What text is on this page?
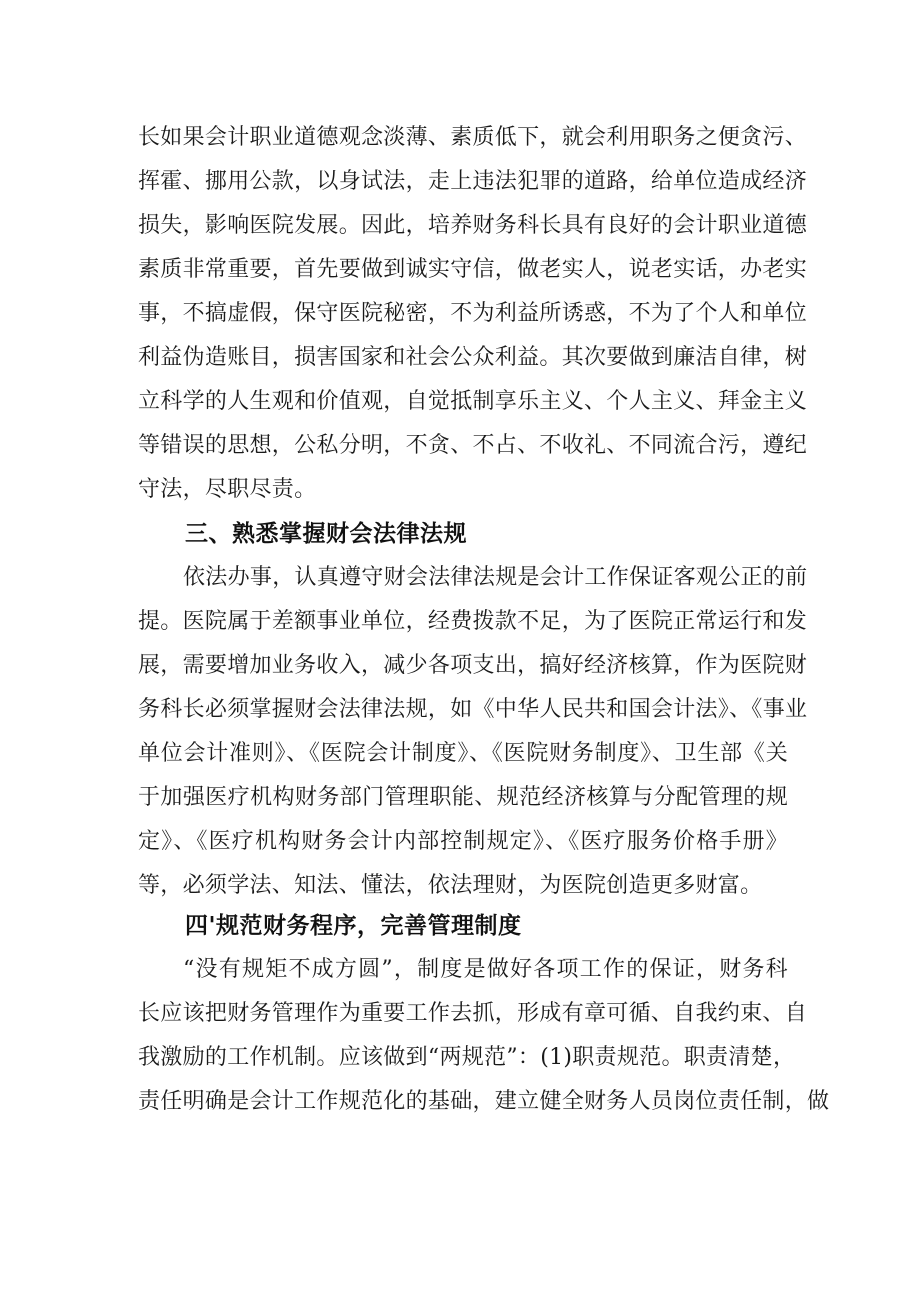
长如果会计职业道德观念淡薄、素质低下，就会利用职务之便贪污、
挥霍、挪用公款，以身试法，走上违法犯罪的道路，给单位造成经济
损失，影响医院发展。因此，培养财务科长具有良好的会计职业道德
素质非常重要，首先要做到诚实守信，做老实人，说老实话，办老实
事，不搞虚假，保守医院秘密，不为利益所诱惑，不为了个人和单位
利益伪造账目，损害国家和社会公众利益。其次要做到廉洁自律，树
立科学的人生观和价值观，自觉抵制享乐主义、个人主义、拜金主义
等错误的思想，公私分明，不贪、不占、不收礼、不同流合污，遵纪
守法，尽职尽责。
三、熟悉掌握财会法律法规
依法办事，认真遵守财会法律法规是会计工作保证客观公正的前
提。医院属于差额事业单位，经费拨款不足，为了医院正常运行和发
展，需要增加业务收入，减少各项支出，搞好经济核算，作为医院财
务科长必须掌握财会法律法规，如《中华人民共和国会计法》、《事业
单位会计准则》、《医院会计制度》、《医院财务制度》、卫生部《关
于加强医疗机构财务部门管理职能、规范经济核算与分配管理的规
定》、《医疗机构财务会计内部控制规定》、《医疗服务价格手册》
等，必须学法、知法、懂法，依法理财，为医院创造更多财富。
四'规范财务程序，完善管理制度
“没有规矩不成方圆”，制度是做好各项工作的保证，财务科
长应该把财务管理作为重要工作去抓，形成有章可循、自我约束、自
我激励的工作机制。应该做到“两规范”：(1)职责规范。职责清楚，
责任明确是会计工作规范化的基础，建立健全财务人员岗位责任制，做
